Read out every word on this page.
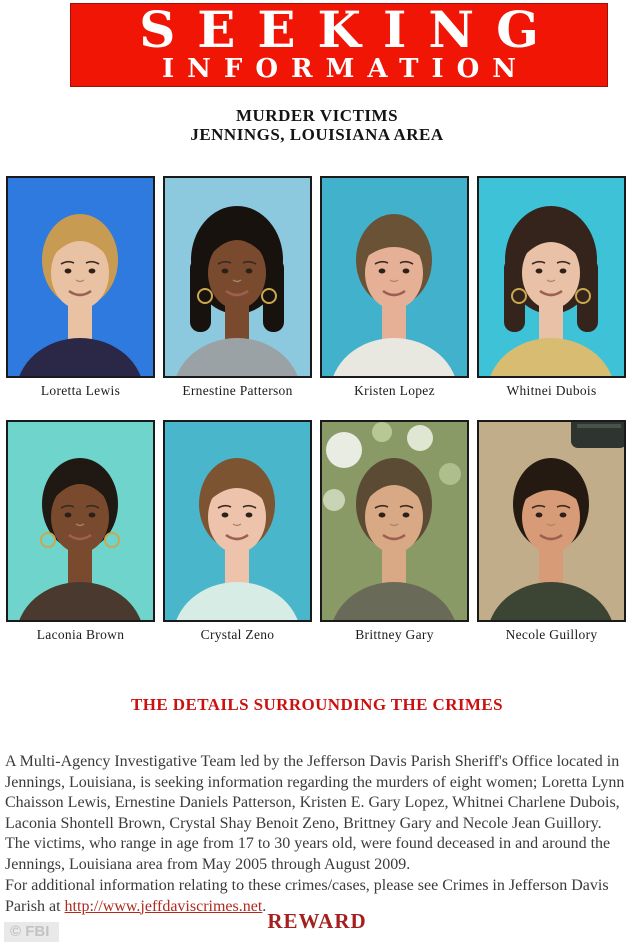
SEEKING
INFORMATION
MURDER VICTIMS
JENNINGS, LOUISIANA AREA
Loretta Lewis	Ernestine Patterson	Kristen Lopez	Whitnei Dubois
Laconia Brown	Crystal Zeno	Brittney Gary	Necole Guillory
THE DETAILS SURROUNDING THE CRIMES

A Multi-Agency Investigative Team led by the Jefferson Davis Parish Sheriff's Office located in Jennings, Louisiana, is seeking information regarding the murders of eight women; Loretta Lynn Chaisson Lewis, Ernestine Daniels Patterson, Kristen E. Gary Lopez, Whitnei Charlene Dubois, Laconia Shontell Brown, Crystal Shay Benoit Zeno, Brittney Gary and Necole Jean Guillory. The victims, who range in age from 17 to 30 years old, were found deceased in and around the Jennings, Louisiana area from May 2005 through August 2009.

For additional information relating to these crimes/cases, please see Crimes in Jefferson Davis Parish at http://www.jeffdaviscrimes.net.

REWARD
© FBI
